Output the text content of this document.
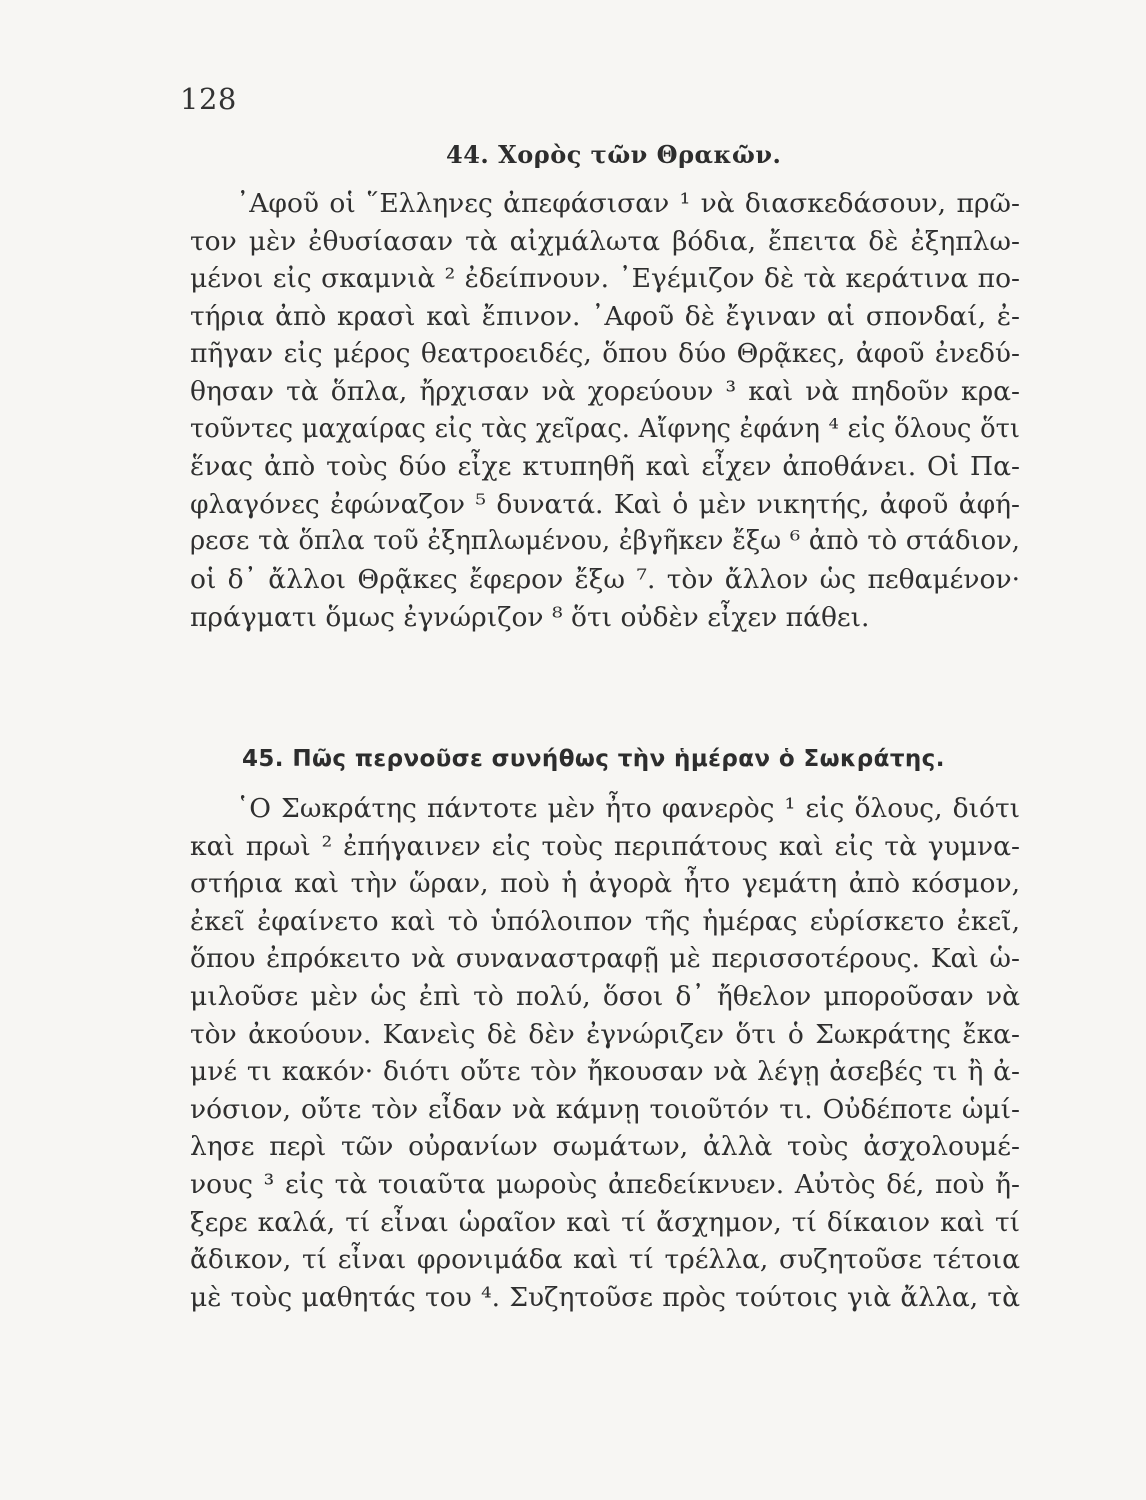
128
44. Χορὸς τῶν Θρακῶν.
᾿Αφοῦ οἱ ῞Ελληνες ἀπεφάσισαν ¹ νὰ διασκεδάσουν, πρῶ-
τον μὲν ἐθυσίασαν τὰ αἰχμάλωτα βόδια, ἔπειτα δὲ ἐξηπλω-
μένοι εἰς σκαμνιὰ ² ἐδείπνουν. ᾿Εγέμιζον δὲ τὰ κεράτινα πο-
τήρια ἀπὸ κρασὶ καὶ ἔπινον. ᾿Αφοῦ δὲ ἔγιναν αἱ σπονδαί, ἐ-
πῆγαν εἰς μέρος θεατροειδές, ὅπου δύο Θρᾷκες, ἀφοῦ ἐνεδύ-
θησαν τὰ ὅπλα, ἤρχισαν νὰ χορεύουν ³ καὶ νὰ πηδοῦν κρα-
τοῦντες μαχαίρας εἰς τὰς χεῖρας. Αἴφνης ἐφάνη ⁴ εἰς ὅλους ὅτι
ἕνας ἀπὸ τοὺς δύο εἶχε κτυπηθῆ καὶ εἶχεν ἀποθάνει. Οἱ Πα-
φλαγόνες ἐφώναζον ⁵ δυνατά. Καὶ ὁ μὲν νικητής, ἀφοῦ ἀφή-
ρεσε τὰ ὅπλα τοῦ ἐξηπλωμένου, ἐβγῆκεν ἔξω ⁶ ἀπὸ τὸ στάδιον,
οἱ δ᾿ ἄλλοι Θρᾷκες ἔφερον ἔξω ⁷. τὸν ἄλλον ὡς πεθαμένον·
πράγματι ὅμως ἐγνώριζον ⁸ ὅτι οὐδὲν εἶχεν πάθει.
45. Πῶς περνοῦσε συνήθως τὴν ἡμέραν ὁ Σωκράτης.
῾Ο Σωκράτης πάντοτε μὲν ἦτο φανερὸς ¹ εἰς ὅλους, διότι
καὶ πρωὶ ² ἐπήγαινεν εἰς τοὺς περιπάτους καὶ εἰς τὰ γυμνα-
στήρια καὶ τὴν ὥραν, ποὺ ἡ ἀγορὰ ἦτο γεμάτη ἀπὸ κόσμον,
ἐκεῖ ἐφαίνετο καὶ τὸ ὑπόλοιπον τῆς ἡμέρας εὑρίσκετο ἐκεῖ,
ὅπου ἐπρόκειτο νὰ συναναστραφῇ μὲ περισσοτέρους. Καὶ ὡ-
μιλοῦσε μὲν ὡς ἐπὶ τὸ πολύ, ὅσοι δ᾿ ἤθελον μποροῦσαν νὰ
τὸν ἀκούουν. Κανεὶς δὲ δὲν ἐγνώριζεν ὅτι ὁ Σωκράτης ἔκα-
μνέ τι κακόν· διότι οὔτε τὸν ἤκουσαν νὰ λέγῃ ἀσεβές τι ἢ ἀ-
νόσιον, οὔτε τὸν εἶδαν νὰ κάμνῃ τοιοῦτόν τι. Οὐδέποτε ὡμί-
λησε περὶ τῶν οὐρανίων σωμάτων, ἀλλὰ τοὺς ἀσχολουμέ-
νους ³ εἰς τὰ τοιαῦτα μωροὺς ἀπεδείκνυεν. Αὐτὸς δέ, ποὺ ἤ-
ξερε καλά, τί εἶναι ὡραῖον καὶ τί ἄσχημον, τί δίκαιον καὶ τί
ἄδικον, τί εἶναι φρονιμάδα καὶ τί τρέλλα, συζητοῦσε τέτοια
μὲ τοὺς μαθητάς του ⁴. Συζητοῦσε πρὸς τούτοις γιὰ ἄλλα, τὰ
